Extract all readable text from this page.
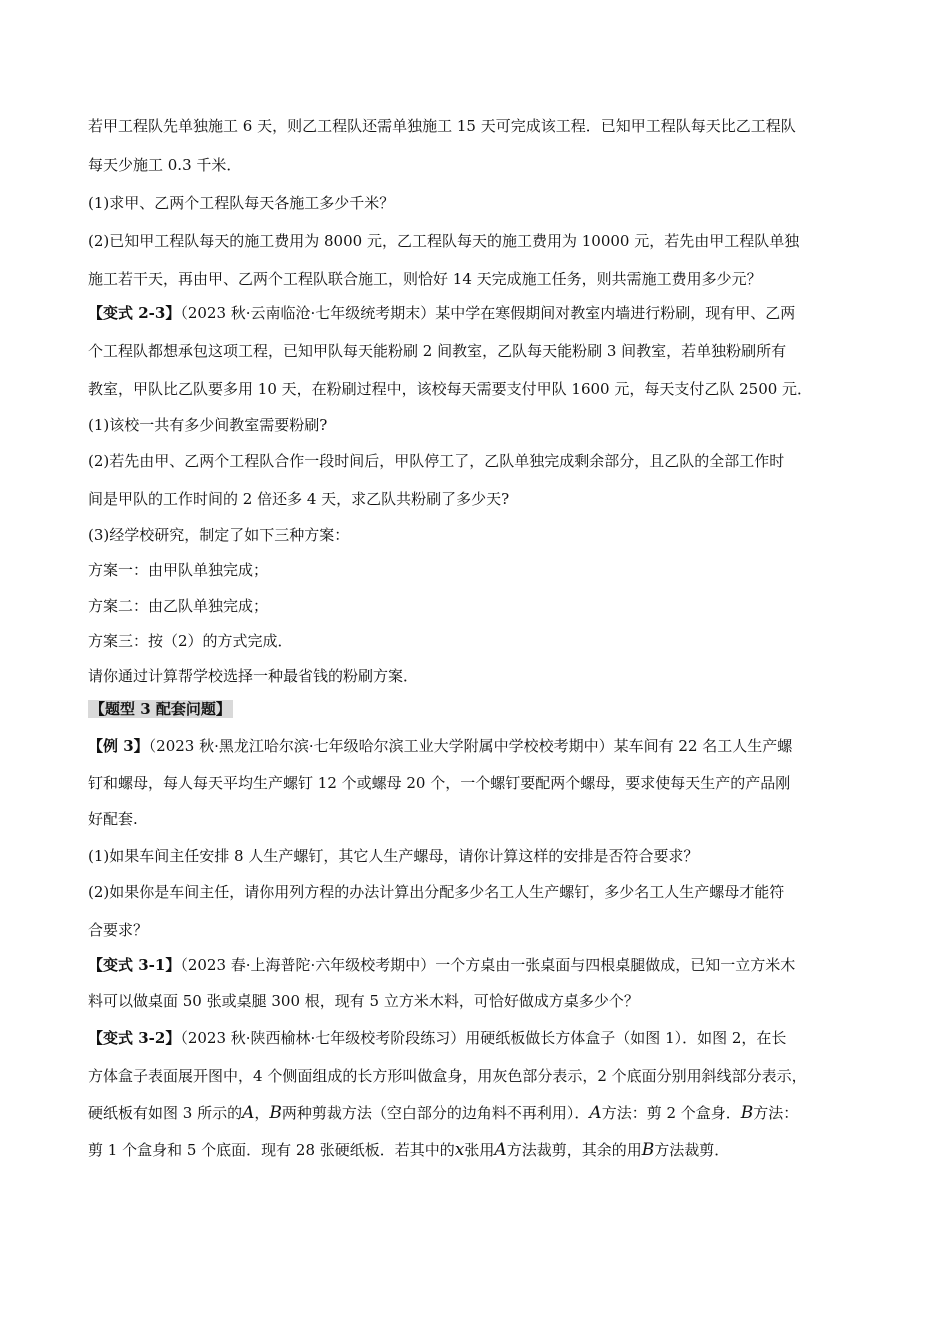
若甲工程队先单独施工 6 天，则乙工程队还需单独施工 15 天可完成该工程．已知甲工程队每天比乙工程队
每天少施工 0.3 千米．
(1)求甲、乙两个工程队每天各施工多少千米？
(2)已知甲工程队每天的施工费用为 8000 元，乙工程队每天的施工费用为 10000 元，若先由甲工程队单独
施工若干天，再由甲、乙两个工程队联合施工，则恰好 14 天完成施工任务，则共需施工费用多少元？
【变式 2-3】（2023 秋·云南临沧·七年级统考期末）某中学在寒假期间对教室内墙进行粉刷，现有甲、乙两
个工程队都想承包这项工程，已知甲队每天能粉刷 2 间教室，乙队每天能粉刷 3 间教室，若单独粉刷所有
教室，甲队比乙队要多用 10 天，在粉刷过程中，该校每天需要支付甲队 1600 元，每天支付乙队 2500 元．
(1)该校一共有多少间教室需要粉刷?
(2)若先由甲、乙两个工程队合作一段时间后，甲队停工了，乙队单独完成剩余部分，且乙队的全部工作时
间是甲队的工作时间的 2 倍还多 4 天，求乙队共粉刷了多少天?
(3)经学校研究，制定了如下三种方案：
方案一：由甲队单独完成；
方案二：由乙队单独完成；
方案三：按（2）的方式完成．
请你通过计算帮学校选择一种最省钱的粉刷方案．
【题型 3 配套问题】
【例 3】（2023 秋·黑龙江哈尔滨·七年级哈尔滨工业大学附属中学校校考期中）某车间有 22 名工人生产螺
钉和螺母，每人每天平均生产螺钉 12 个或螺母 20 个，一个螺钉要配两个螺母，要求使每天生产的产品刚
好配套.
(1)如果车间主任安排 8 人生产螺钉，其它人生产螺母，请你计算这样的安排是否符合要求？
(2)如果你是车间主任，请你用列方程的办法计算出分配多少名工人生产螺钉，多少名工人生产螺母才能符
合要求？
【变式 3-1】（2023 春·上海普陀·六年级校考期中）一个方桌由一张桌面与四根桌腿做成，已知一立方米木
料可以做桌面 50 张或桌腿 300 根，现有 5 立方米木料，可恰好做成方桌多少个？
【变式 3-2】（2023 秋·陕西榆林·七年级校考阶段练习）用硬纸板做长方体盒子（如图 1）．如图 2，在长
方体盒子表面展开图中，4 个侧面组成的长方形叫做盒身，用灰色部分表示，2 个底面分别用斜线部分表示，
硬纸板有如图 3 所示的A，B两种剪裁方法（空白部分的边角料不再利用）．A方法：剪 2 个盒身．B方法：
剪 1 个盒身和 5 个底面．现有 28 张硬纸板．若其中的x张用A方法裁剪，其余的用B方法裁剪．
